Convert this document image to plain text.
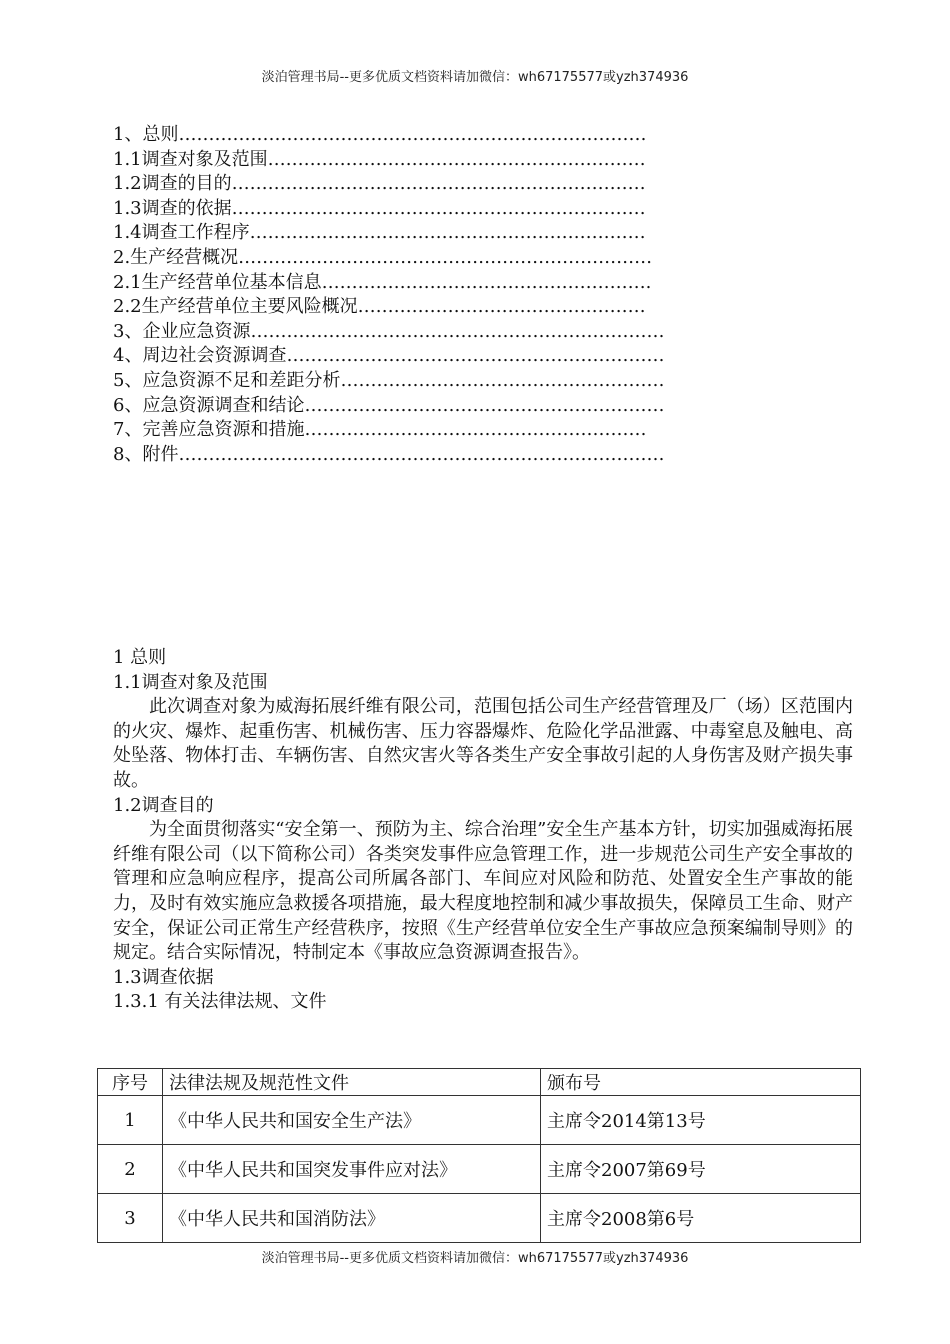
淡泊管理书局--更多优质文档资料请加微信：wh67175577或yzh374936
1、总则……………………………………………………………………
1.1调查对象及范围………………………………………………………
1.2调查的目的……………………………………………………………
1.3调查的依据……………………………………………………………
1.4调查工作程序…………………………………………………………
2.生产经营概况……………………………………………………………
2.1生产经营单位基本信息……………………………………………….
2.2生产经营单位主要风险概况…………………………………………
3、企业应急资源……………………………………………………………
4、周边社会资源调查………………………………………………………
5、应急资源不足和差距分析………………………………………………
6、应急资源调查和结论……………………………………………………
7、完善应急资源和措施…………………………………………………
8、附件………………………………………………………………………
1 总则
1.1调查对象及范围

此次调查对象为威海拓展纤维有限公司，范围包括公司生产经营管理及厂（场）区范围内的火灾、爆炸、起重伤害、机械伤害、压力容器爆炸、危险化学品泄露、中毒窒息及触电、高处坠落、物体打击、车辆伤害、自然灾害火等各类生产安全事故引起的人身伤害及财产损失事故。

1.2调查目的

为全面贯彻落实“安全第一、预防为主、综合治理”安全生产基本方针，切实加强威海拓展纤维有限公司（以下简称公司）各类突发事件应急管理工作，进一步规范公司生产安全事故的管理和应急响应程序，提高公司所属各部门、车间应对风险和防范、处置安全生产事故的能力，及时有效实施应急救援各项措施，最大程度地控制和减少事故损失，保障员工生命、财产安全，保证公司正常生产经营秩序，按照《生产经营单位安全生产事故应急预案编制导则》的规定。结合实际情况，特制定本《事故应急资源调查报告》。

1.3调查依据
1.3.1 有关法律法规、文件
序号	法律法规及规范性文件	颁布号
1	《中华人民共和国安全生产法》	主席令2014第13号
2	《中华人民共和国突发事件应对法》	主席令2007第69号
3	《中华人民共和国消防法》	主席令2008第6号
淡泊管理书局--更多优质文档资料请加微信：wh67175577或yzh374936
